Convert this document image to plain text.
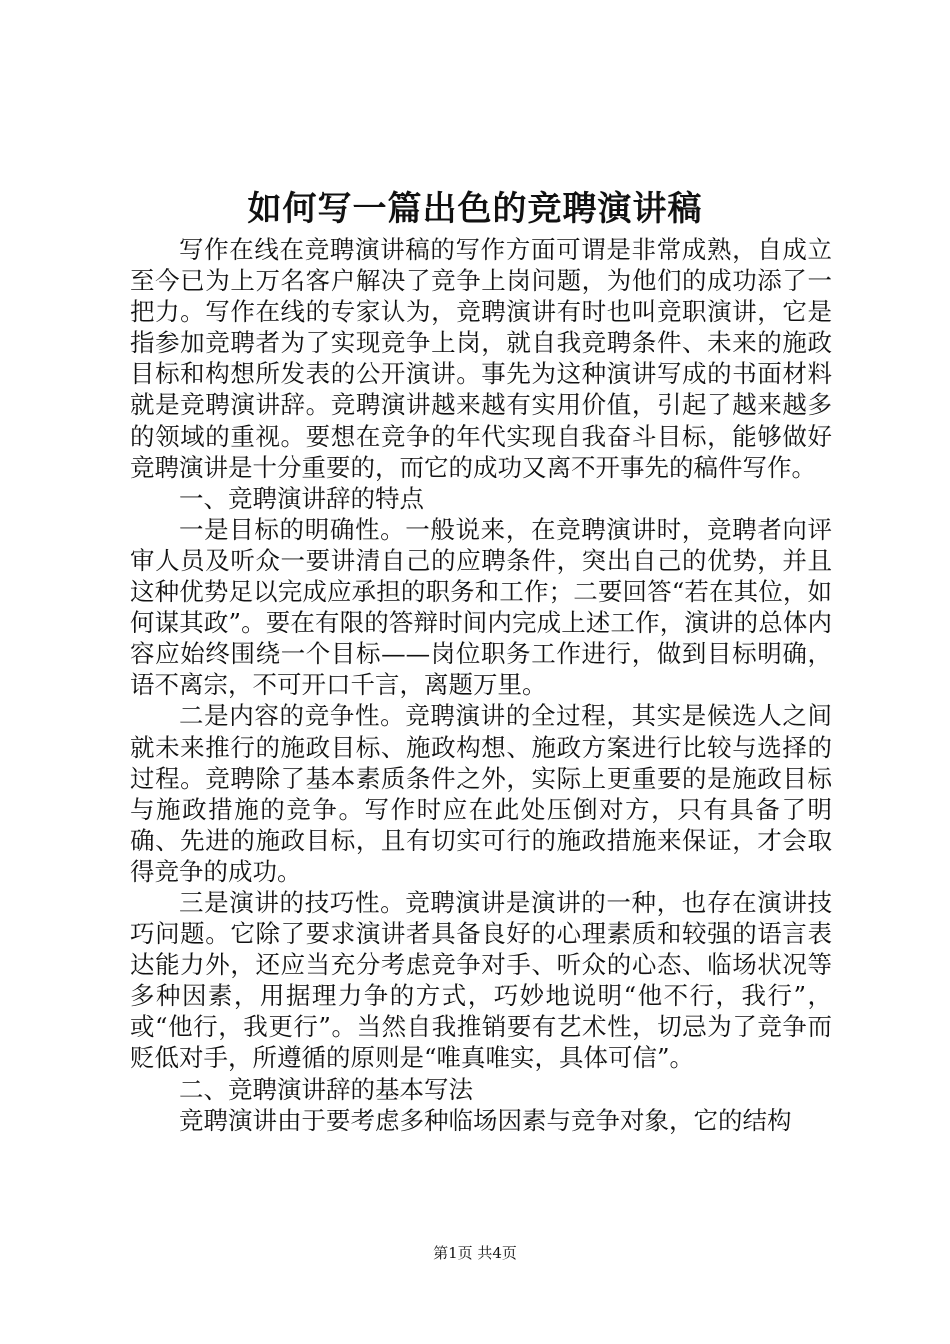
如何写一篇出色的竞聘演讲稿

写作在线在竞聘演讲稿的写作方面可谓是非常成熟，自成立至今已为上万名客户解决了竞争上岗问题，为他们的成功添了一把力。写作在线的专家认为，竞聘演讲有时也叫竞职演讲，它是指参加竞聘者为了实现竞争上岗，就自我竞聘条件、未来的施政目标和构想所发表的公开演讲。事先为这种演讲写成的书面材料就是竞聘演讲辞。竞聘演讲越来越有实用价值，引起了越来越多的领域的重视。要想在竞争的年代实现自我奋斗目标，能够做好竞聘演讲是十分重要的，而它的成功又离不开事先的稿件写作。

一、竞聘演讲辞的特点

一是目标的明确性。一般说来，在竞聘演讲时，竞聘者向评审人员及听众一要讲清自己的应聘条件，突出自己的优势，并且这种优势足以完成应承担的职务和工作；二要回答“若在其位，如何谋其政”。要在有限的答辩时间内完成上述工作，演讲的总体内容应始终围绕一个目标——岗位职务工作进行，做到目标明确，语不离宗，不可开口千言，离题万里。

二是内容的竞争性。竞聘演讲的全过程，其实是候选人之间就未来推行的施政目标、施政构想、施政方案进行比较与选择的过程。竞聘除了基本素质条件之外，实际上更重要的是施政目标与施政措施的竞争。写作时应在此处压倒对方，只有具备了明确、先进的施政目标，且有切实可行的施政措施来保证，才会取得竞争的成功。

三是演讲的技巧性。竞聘演讲是演讲的一种，也存在演讲技巧问题。它除了要求演讲者具备良好的心理素质和较强的语言表达能力外，还应当充分考虑竞争对手、听众的心态、临场状况等多种因素，用据理力争的方式，巧妙地说明“他不行，我行”，或“他行，我更行”。当然自我推销要有艺术性，切忌为了竞争而贬低对手，所遵循的原则是“唯真唯实，具体可信”。

二、竞聘演讲辞的基本写法

竞聘演讲由于要考虑多种临场因素与竞争对象，它的结构

第1页 共4页
